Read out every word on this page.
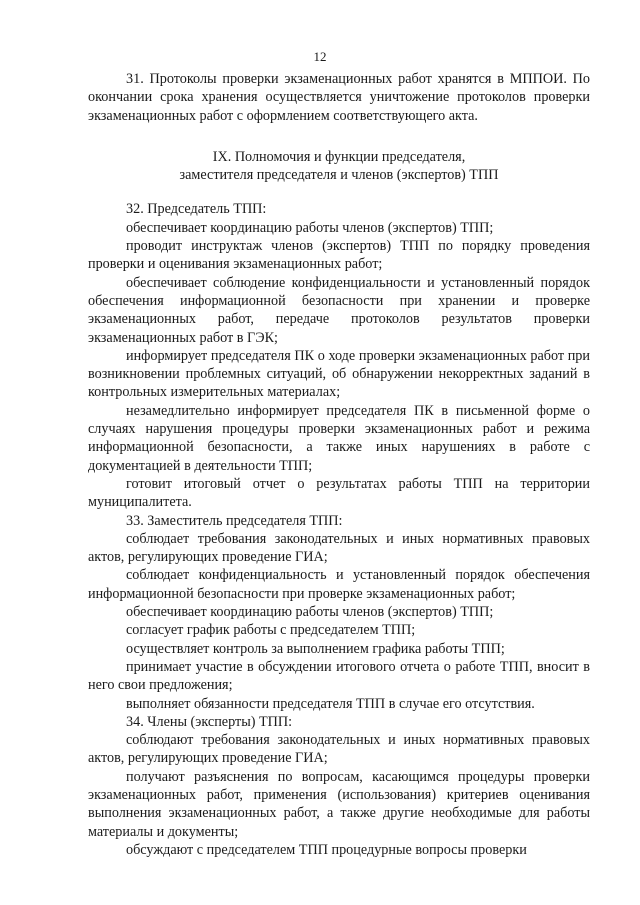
12

31. Протоколы проверки экзаменационных работ хранятся в МППОИ. По окончании срока хранения осуществляется уничтожение протоколов проверки экзаменационных работ с оформлением соответствующего акта.

IX. Полномочия и функции председателя,
заместителя председателя и членов (экспертов) ТПП

32. Председатель ТПП:

обеспечивает координацию работы членов (экспертов) ТПП;

проводит инструктаж членов (экспертов) ТПП по порядку проведения проверки и оценивания экзаменационных работ;

обеспечивает соблюдение конфиденциальности и установленный порядок обеспечения информационной безопасности при хранении и проверке экзаменационных работ, передаче протоколов результатов проверки экзаменационных работ в ГЭК;

информирует председателя ПК о ходе проверки экзаменационных работ при возникновении проблемных ситуаций, об обнаружении некорректных заданий в контрольных измерительных материалах;

незамедлительно информирует председателя ПК в письменной форме о случаях нарушения процедуры проверки экзаменационных работ и режима информационной безопасности, а также иных нарушениях в работе с документацией в деятельности ТПП;

готовит итоговый отчет о результатах работы ТПП на территории муниципалитета.

33. Заместитель председателя ТПП:

соблюдает требования законодательных и иных нормативных правовых актов, регулирующих проведение ГИА;

соблюдает конфиденциальность и установленный порядок обеспечения информационной безопасности при проверке экзаменационных работ;

обеспечивает координацию работы членов (экспертов) ТПП;

согласует график работы с председателем ТПП;

осуществляет контроль за выполнением графика работы ТПП;

принимает участие в обсуждении итогового отчета о работе ТПП, вносит в него свои предложения;

выполняет обязанности председателя ТПП в случае его отсутствия.

34. Члены (эксперты) ТПП:

соблюдают требования законодательных и иных нормативных правовых актов, регулирующих проведение ГИА;

получают разъяснения по вопросам, касающимся процедуры проверки экзаменационных работ, применения (использования) критериев оценивания выполнения экзаменационных работ, а также другие необходимые для работы материалы и документы;

обсуждают с председателем ТПП процедурные вопросы проверки
